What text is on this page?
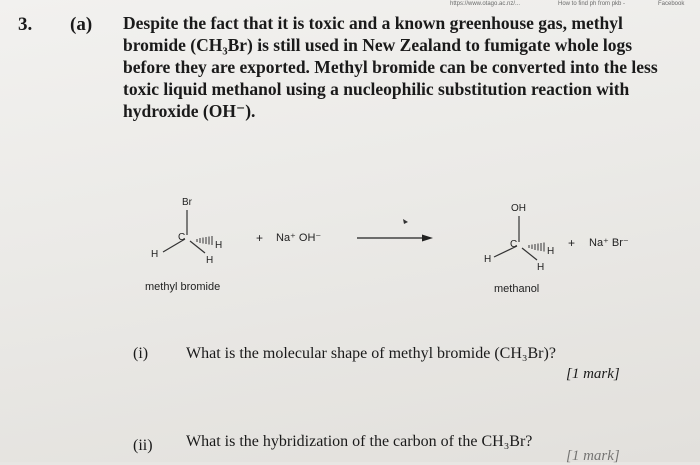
https://www.otago.ac.nz/...	How to find ph from pkb -	Facebook
3. (a) Despite the fact that it is toxic and a known greenhouse gas, methyl

bromide (CH₃Br) is still used in New Zealand to fumigate whole logs

before they are exported. Methyl bromide can be converted into the less

toxic liquid methanol using a nucleophilic substitution reaction with

hydroxide (OH⁻).

Br
C
H
H
H
methyl bromide
+ Na⁺ OH⁻
OH
C
H
H
H
methanol
+ Na⁺ Br⁻
(i) What is the molecular shape of methyl bromide (CH₃Br)?
[1 mark]
(ii) What is the hybridization of the carbon of the CH₃Br?
[1 mark]
